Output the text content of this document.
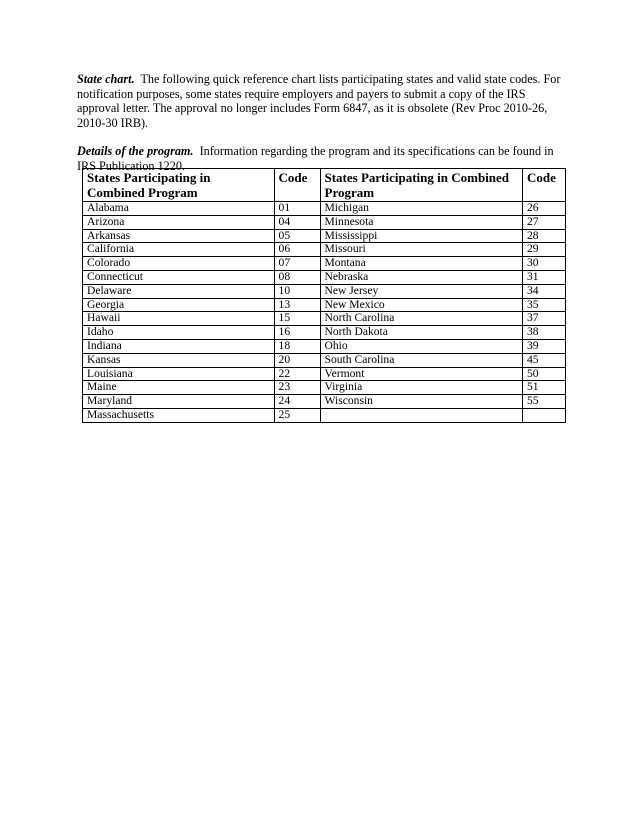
State chart. The following quick reference chart lists participating states and valid state codes. For notification purposes, some states require employers and payers to submit a copy of the IRS approval letter. The approval no longer includes Form 6847, as it is obsolete (Rev Proc 2010-26, 2010-30 IRB).

Details of the program. Information regarding the program and its specifications can be found in IRS Publication 1220.

States Participating in Combined Program	Code	States Participating in Combined Program	Code
Alabama	01	Michigan	26
Arizona	04	Minnesota	27
Arkansas	05	Mississippi	28
California	06	Missouri	29
Colorado	07	Montana	30
Connecticut	08	Nebraska	31
Delaware	10	New Jersey	34
Georgia	13	New Mexico	35
Hawaii	15	North Carolina	37
Idaho	16	North Dakota	38
Indiana	18	Ohio	39
Kansas	20	South Carolina	45
Louisiana	22	Vermont	50
Maine	23	Virginia	51
Maryland	24	Wisconsin	55
Massachusetts	25		
